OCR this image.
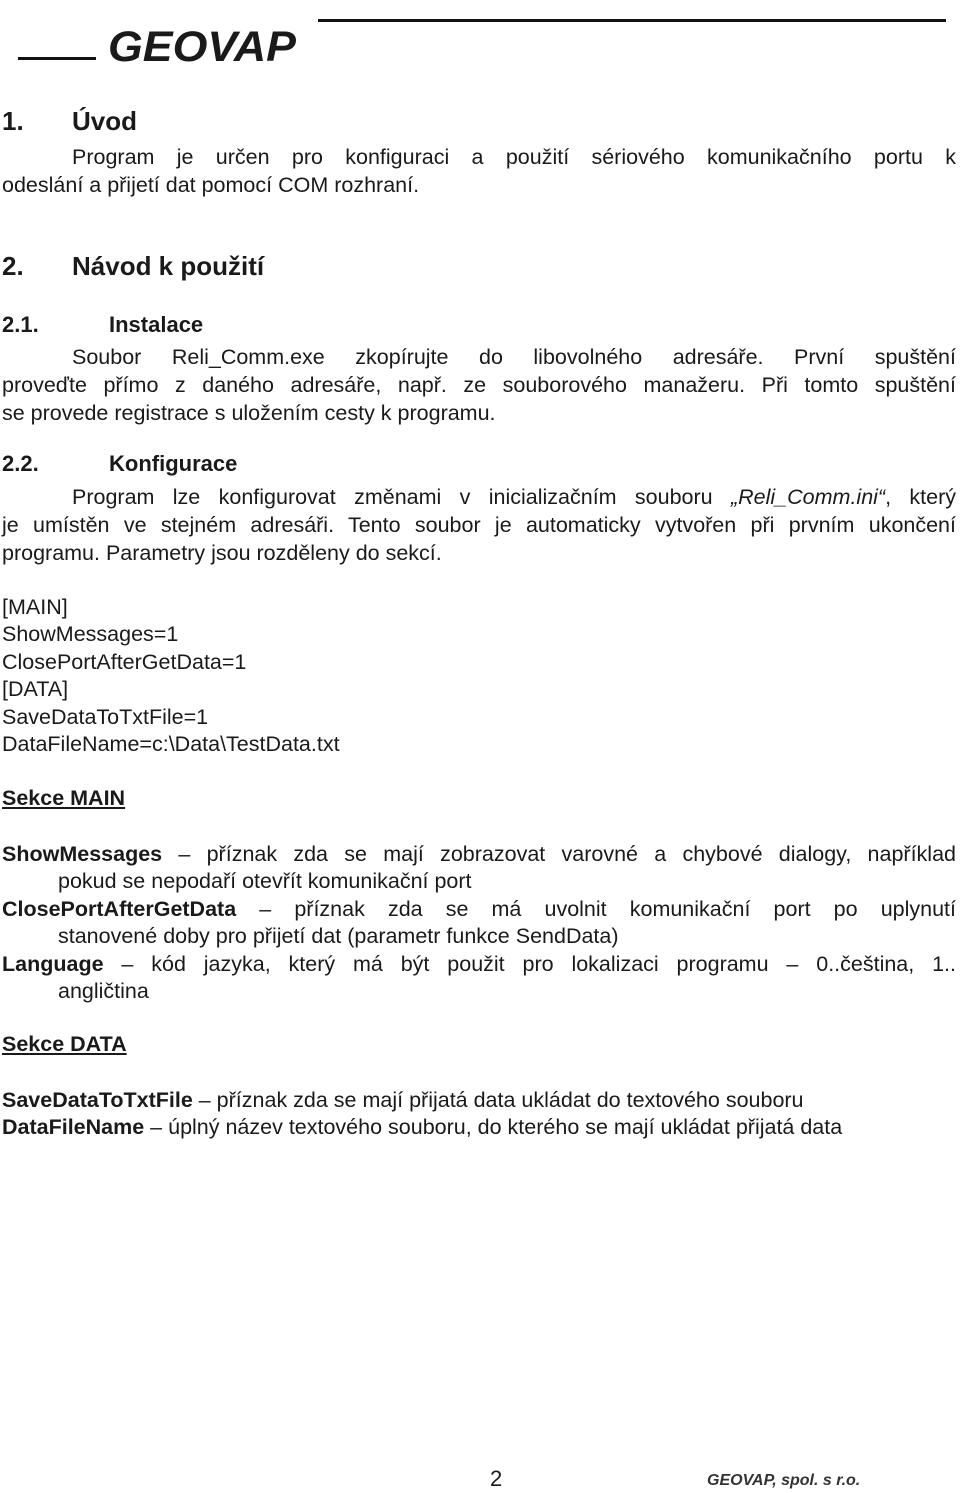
GEOVAP
1. Úvod
Program je určen pro konfiguraci a použití sériového komunikačního portu k
odeslání a přijetí dat pomocí COM rozhraní.
2. Návod k použití
2.1.	Instalace
Soubor Reli_Comm.exe zkopírujte do libovolného adresáře. První spuštění
proveďte přímo z daného adresáře, např. ze souborového manažeru. Při tomto spuštění
se provede registrace s uložením cesty k programu.
2.2.	Konfigurace
Program lze konfigurovat změnami v inicializačním souboru „Reli_Comm.ini“, který
je umístěn ve stejném adresáři. Tento soubor je automaticky vytvořen při prvním ukončení
programu. Parametry jsou rozděleny do sekcí.
[MAIN]
ShowMessages=1
ClosePortAfterGetData=1
[DATA]
SaveDataToTxtFile=1
DataFileName=c:\Data\TestData.txt
Sekce MAIN
ShowMessages – příznak zda se mají zobrazovat varovné a chybové dialogy, například
pokud se nepodaří otevřít komunikační port
ClosePortAfterGetData – příznak zda se má uvolnit komunikační port po uplynutí
stanovené doby pro přijetí dat (parametr funkce SendData)
Language – kód jazyka, který má být použit pro lokalizaci programu – 0..čeština, 1..
angličtina
Sekce DATA
SaveDataToTxtFile – příznak zda se mají přijatá data ukládat do textového souboru
DataFileName – úplný název textového souboru, do kterého se mají ukládat přijatá data
2	GEOVAP, spol. s r.o.
